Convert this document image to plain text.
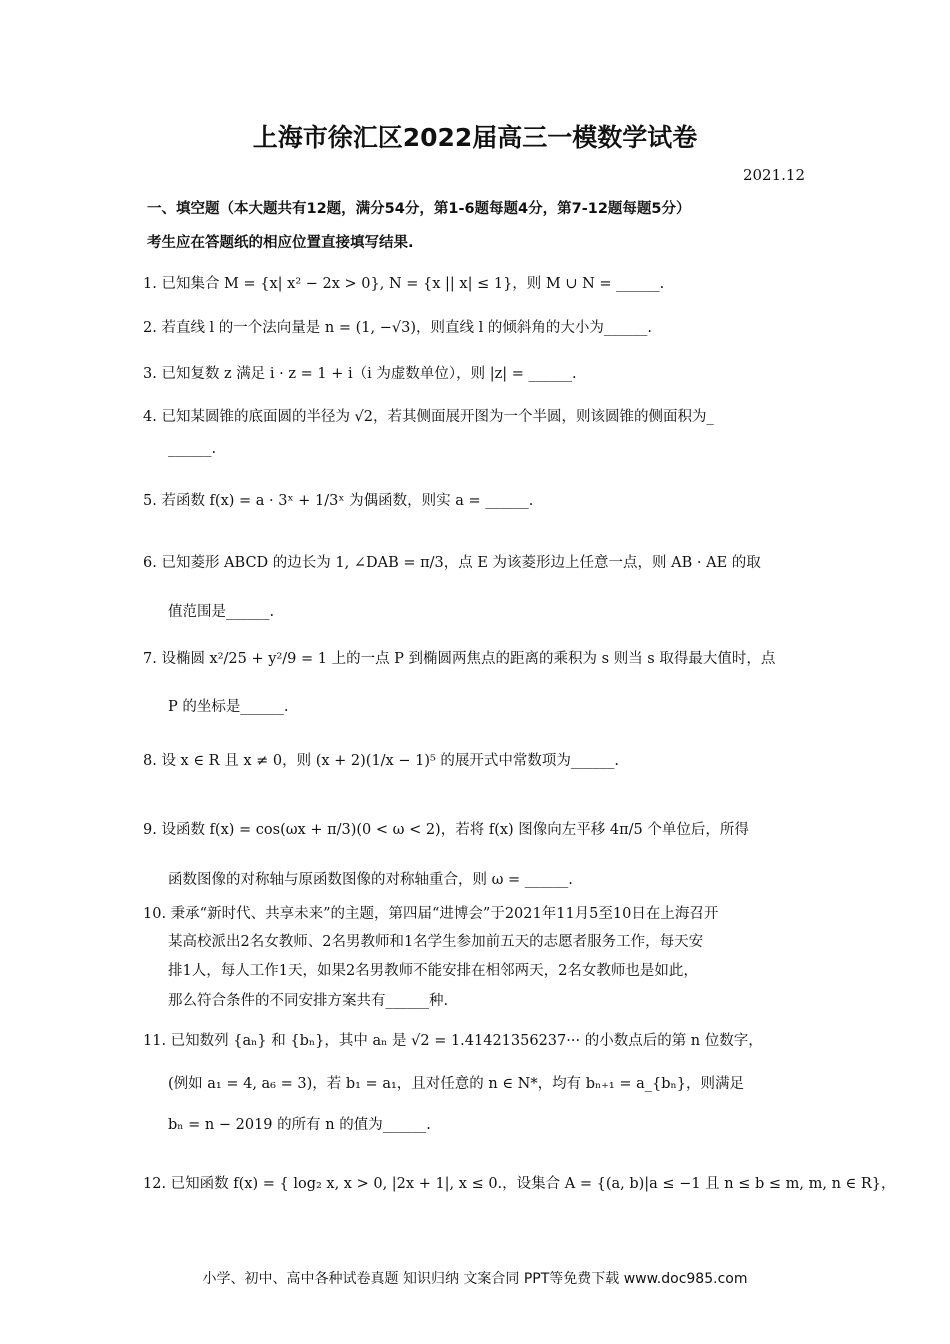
上海市徐汇区2022届高三一模数学试卷
2021.12
一、填空题（本大题共有12题，满分54分，第1-6题每题4分，第7-12题每题5分）
考生应在答题纸的相应位置直接填写结果.
1. 已知集合 M = {x| x² − 2x > 0}, N = {x || x| ≤ 1}，则 M ∪ N = ______.
2. 若直线 l 的一个法向量是 n = (1, −√3)，则直线 l 的倾斜角的大小为______.
3. 已知复数 z 满足 i · z = 1 + i（i 为虚数单位），则 |z| = ______.
4. 已知某圆锥的底面圆的半径为 √2，若其侧面展开图为一个半圆，则该圆锥的侧面积为_
______.
5. 若函数 f(x) = a · 3ˣ + 1/3ˣ 为偶函数，则实 a = ______.
6. 已知菱形 ABCD 的边长为 1, ∠DAB = π/3，点 E 为该菱形边上任意一点，则 AB · AE 的取
值范围是______.
7. 设椭圆 x²/25 + y²/9 = 1 上的一点 P 到椭圆两焦点的距离的乘积为 s 则当 s 取得最大值时，点
P 的坐标是______.
8. 设 x ∈ R 且 x ≠ 0，则 (x + 2)(1/x − 1)⁵ 的展开式中常数项为______.
9. 设函数 f(x) = cos(ωx + π/3)(0 < ω < 2)，若将 f(x) 图像向左平移 4π/5 个单位后，所得
函数图像的对称轴与原函数图像的对称轴重合，则 ω = ______.
10. 秉承“新时代、共享未来”的主题，第四届“进博会”于2021年11月5至10日在上海召开
某高校派出2名女教师、2名男教师和1名学生参加前五天的志愿者服务工作，每天安
排1人，每人工作1天，如果2名男教师不能安排在相邻两天，2名女教师也是如此，
那么符合条件的不同安排方案共有______种.
11. 已知数列 {aₙ} 和 {bₙ}，其中 aₙ 是 √2 = 1.41421356237··· 的小数点后的第 n 位数字，
(例如 a₁ = 4, a₆ = 3)，若 b₁ = a₁，且对任意的 n ∈ N*，均有 bₙ₊₁ = a_{bₙ}，则满足
bₙ = n − 2019 的所有 n 的值为______.
12. 已知函数 f(x) = { log₂ x, x > 0, |2x + 1|, x ≤ 0.，设集合 A = {(a, b)|a ≤ −1 且 n ≤ b ≤ m, m, n ∈ R}，
小学、初中、高中各种试卷真题 知识归纳 文案合同 PPT等免费下载 www.doc985.com
